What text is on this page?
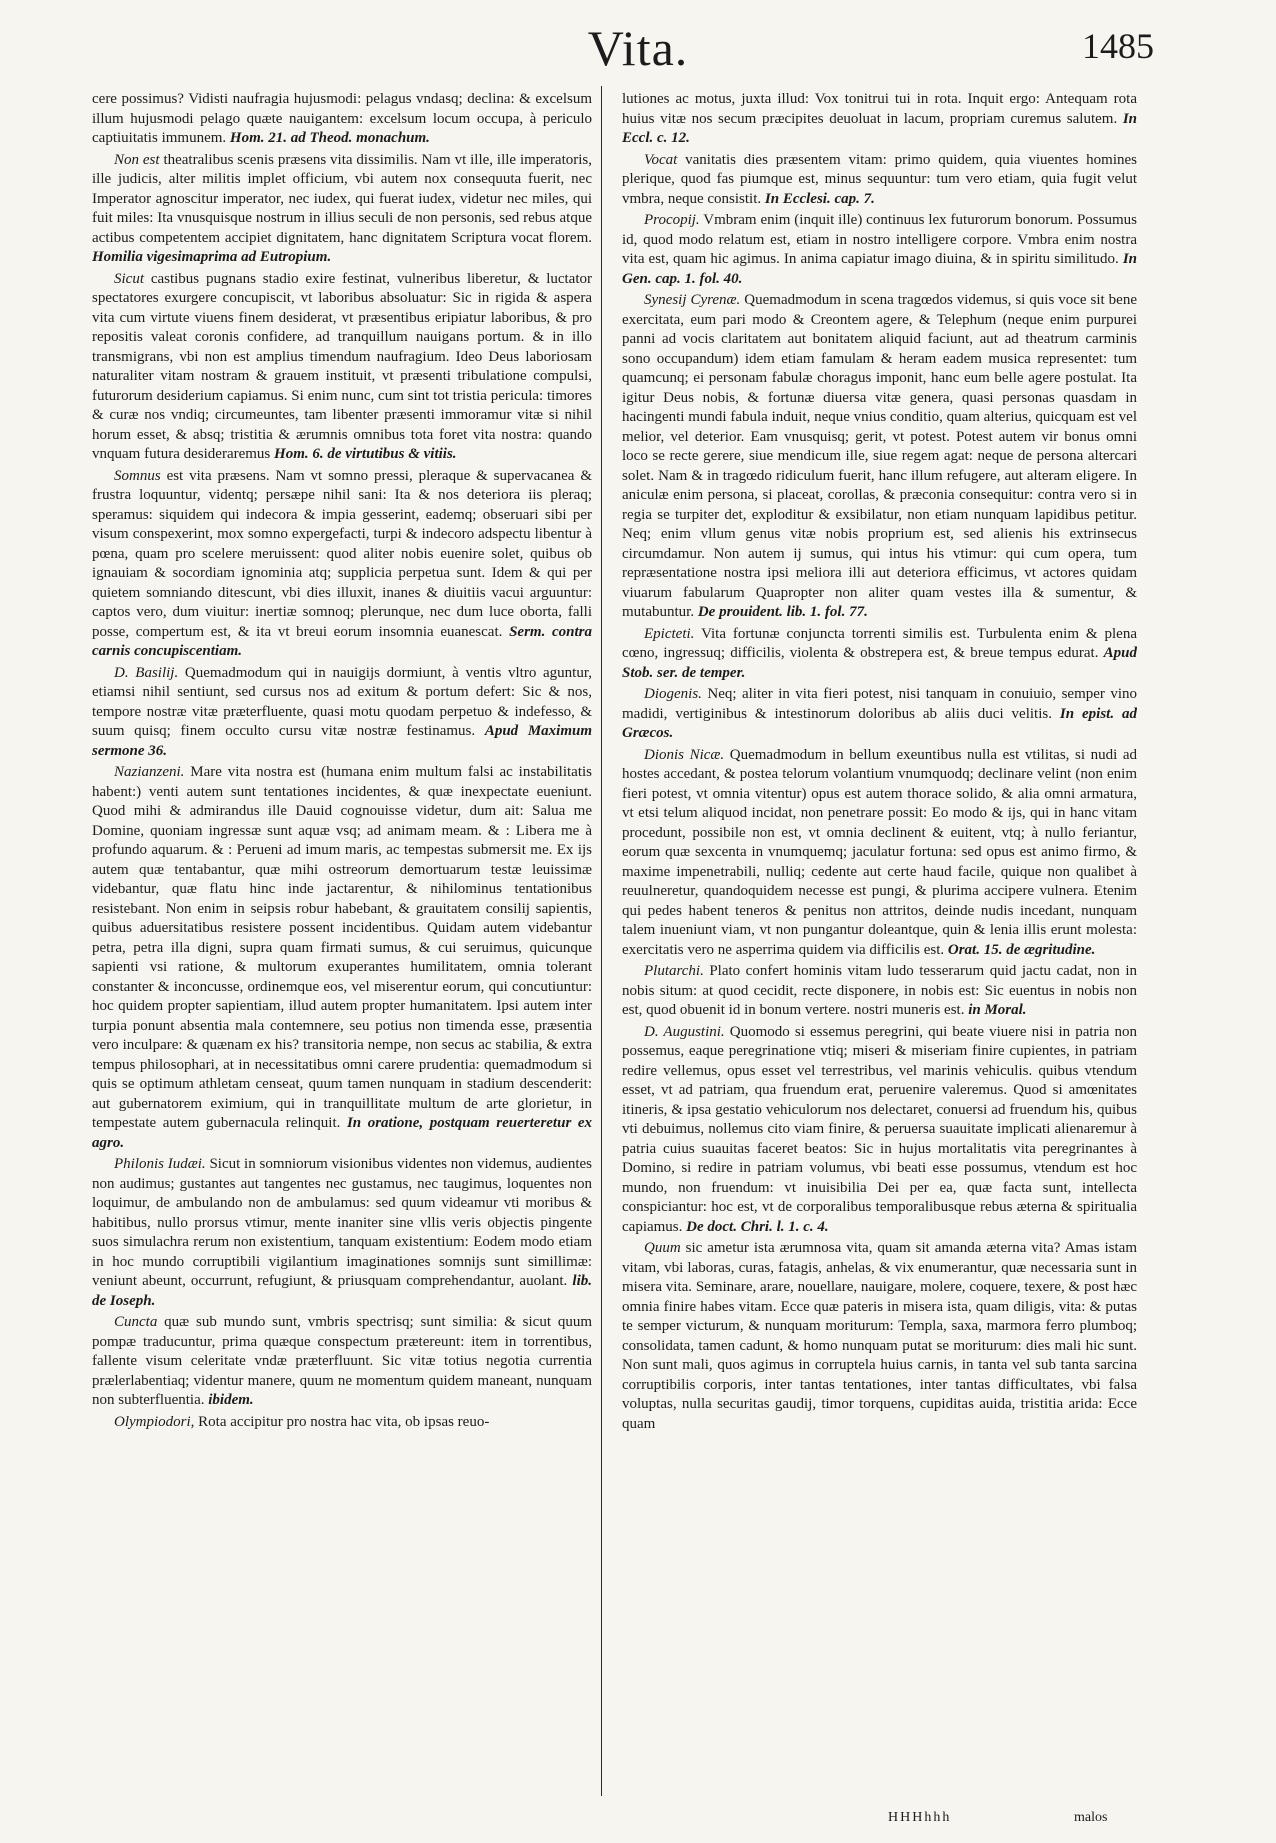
Vita.	1485

cere possimus? Vidisti naufragia hujusmodi: pelagus vndasq; declina: & excelsum illum hujusmodi pelago quæte nauigantem: excelsum locum occupa, à periculo captiuitatis immunem. Hom. 21. ad Theod. monachum.

Non est theatralibus scenis præsens vita dissimilis. Nam vt ille, ille imperatoris, ille judicis, alter militis implet officium, vbi autem nox consequuta fuerit, nec Imperator agnoscitur imperator, nec iudex, qui fuerat iudex, videtur nec miles, qui fuit miles: Ita vnusquisque nostrum in illius seculi de non personis, sed rebus atque actibus competentem accipiet dignitatem, hanc dignitatem Scriptura vocat florem. Homilia vigesimaprima ad Eutropium.

Sicut castibus pugnans stadio exire festinat, vulneribus liberetur, & luctator spectatores exurgere concupiscit, vt laboribus absoluatur: Sic in rigida & aspera vita cum virtute viuens finem desiderat, vt præsentibus eripiatur laboribus, & pro repositis valeat coronis confidere, ad tranquillum nauigans portum. & in illo transmigrans, vbi non est amplius timendum naufragium. Ideo Deus laboriosam naturaliter vitam nostram & grauem instituit, vt præsenti tribulatione compulsi, futurorum desiderium capiamus. Si enim nunc, cum sint tot tristia pericula: timores & curæ nos vndiq; circumeuntes, tam libenter præsenti immoramur vitæ si nihil horum esset, & absq; tristitia & ærumnis omnibus tota foret vita nostra: quando vnquam futura desideraremus Hom. 6. de virtutibus & vitiis.

Somnus est vita præsens. Nam vt somno pressi, pleraque & supervacanea & frustra loquuntur, videntq; persæpe nihil sani: Ita & nos deteriora iis pleraq; speramus: siquidem qui indecora & impia gesserint, eademq; obseruari sibi per visum conspexerint, mox somno expergefacti, turpi & indecoro adspectu libentur à pœna, quam pro scelere meruissent: quod aliter nobis euenire solet, quibus ob ignauiam & socordiam ignominia atq; supplicia perpetua sunt. Idem & qui per quietem somniando ditescunt, vbi dies illuxit, inanes & diuitiis vacui arguuntur: captos vero, dum viuitur: inertiæ somnoq; plerunque, nec dum luce oborta, falli posse, compertum est, & ita vt breui eorum insomnia euanescat. Serm. contra carnis concupiscentiam.

D. Basilij. Quemadmodum qui in nauigijs dormiunt, à ventis vltro aguntur, etiamsi nihil sentiunt, sed cursus nos ad exitum & portum defert: Sic & nos, tempore nostræ vitæ præterfluente, quasi motu quodam perpetuo & indefesso, & suum quisq; finem occulto cursu vitæ nostræ festinamus. Apud Maximum sermone 36.

Nazianzeni. Mare vita nostra est (humana enim multum falsi ac instabilitatis habent:) venti autem sunt tentationes incidentes, & quæ inexpectate eueniunt. Quod mihi & admirandus ille Dauid cognouisse videtur, dum ait: Salua me Domine, quoniam ingressæ sunt aquæ vsq; ad animam meam. & : Libera me à profundo aquarum. & : Perueni ad imum maris, ac tempestas submersit me. Ex ijs autem quæ tentabantur, quæ mihi ostreorum demortuarum testæ leuissimæ videbantur, quæ flatu hinc inde jactarentur, & nihilominus tentationibus resistebant. Non enim in seipsis robur habebant, & grauitatem consilij sapientis, quibus aduersitatibus resistere possent incidentibus. Quidam autem videbantur petra, petra illa digni, supra quam firmati sumus, & cui seruimus, quicunque sapienti vsi ratione, & multorum exuperantes humilitatem, omnia tolerant constanter & inconcusse, ordinemque eos, vel miserentur eorum, qui concutiuntur: hoc quidem propter sapientiam, illud autem propter humanitatem. Ipsi autem inter turpia ponunt absentia mala contemnere, seu potius non timenda esse, præsentia vero inculpare: & quænam ex his? transitoria nempe, non secus ac stabilia, & extra tempus philosophari, at in necessitatibus omni carere prudentia: quemadmodum si quis se optimum athletam censeat, quum tamen nunquam in stadium descenderit: aut gubernatorem eximium, qui in tranquillitate multum de arte glorietur, in tempestate autem gubernacula relinquit. In oratione, postquam reuerteretur ex agro.

Philonis Iudæi. Sicut in somniorum visionibus videntes non videmus, audientes non audimus; gustantes aut tangentes nec gustamus, nec taugimus, loquentes non loquimur, de ambulando non de ambulamus: sed quum videamur vti moribus & habitibus, nullo prorsus vtimur, mente inaniter sine vllis veris objectis pingente suos simulachra rerum non existentium, tanquam existentium: Eodem modo etiam in hoc mundo corruptibili vigilantium imaginationes somnijs sunt simillimæ: veniunt abeunt, occurrunt, refugiunt, & priusquam comprehendantur, auolant. lib. de Ioseph.

Cuncta quæ sub mundo sunt, vmbris spectrisq; sunt similia: & sicut quum pompæ traducuntur, prima quæque conspectum prætereunt: item in torrentibus, fallente visum celeritate vndæ præterfluunt. Sic vitæ totius negotia currentia prælerlabentiaq; videntur manere, quum ne momentum quidem maneant, nunquam non subterfluentia. ibidem.

Olympiodori, Rota accipitur pro nostra hac vita, ob ipsas reuo-

lutiones ac motus, juxta illud: Vox tonitrui tui in rota. Inquit ergo: Antequam rota huius vitæ nos secum præcipites deuoluat in lacum, propriam curemus salutem. In Eccl. c. 12.

Vocat vanitatis dies præsentem vitam: primo quidem, quia viuentes homines plerique, quod fas piumque est, minus sequuntur: tum vero etiam, quia fugit velut vmbra, neque consistit. In Ecclesi. cap. 7.

Procopij. Vmbram enim (inquit ille) continuus lex futurorum bonorum. Possumus id, quod modo relatum est, etiam in nostro intelligere corpore. Vmbra enim nostra vita est, quam hic agimus. In anima capiatur imago diuina, & in spiritu similitudo. In Gen. cap. 1. fol. 40.

Synesij Cyrenæ. Quemadmodum in scena tragœdos videmus, si quis voce sit bene exercitata, eum pari modo & Creontem agere, & Telephum (neque enim purpurei panni ad vocis claritatem aut bonitatem aliquid faciunt, aut ad theatrum carminis sono occupandum) idem etiam famulam & heram eadem musica representet: tum quamcunq; ei personam fabulæ choragus imponit, hanc eum belle agere postulat. Ita igitur Deus nobis, & fortunæ diuersa vitæ genera, quasi personas quasdam in hacingenti mundi fabula induit, neque vnius conditio, quam alterius, quicquam est vel melior, vel deterior. Eam vnusquisq; gerit, vt potest. Potest autem vir bonus omni loco se recte gerere, siue mendicum ille, siue regem agat: neque de persona altercari solet. Nam & in tragœdo ridiculum fuerit, hanc illum refugere, aut alteram eligere. In aniculæ enim persona, si placeat, corollas, & præconia consequitur: contra vero si in regia se turpiter det, exploditur & exsibilatur, non etiam nunquam lapidibus petitur. Neq; enim vllum genus vitæ nobis proprium est, sed alienis his extrinsecus circumdamur. Non autem ij sumus, qui intus his vtimur: qui cum opera, tum repræsentatione nostra ipsi meliora illi aut deteriora efficimus, vt actores quidam viuarum fabularum Quapropter non aliter quam vestes illa & sumentur, & mutabuntur. De prouident. lib. 1. fol. 77.

Epicteti. Vita fortunæ conjuncta torrenti similis est. Turbulenta enim & plena cœno, ingressuq; difficilis, violenta & obstrepera est, & breue tempus edurat. Apud Stob. ser. de temper.

Diogenis. Neq; aliter in vita fieri potest, nisi tanquam in conuiuio, semper vino madidi, vertiginibus & intestinorum doloribus ab aliis duci velitis. In epist. ad Græcos.

Dionis Nicæ. Quemadmodum in bellum exeuntibus nulla est vtilitas, si nudi ad hostes accedant, & postea telorum volantium vnumquodq; declinare velint (non enim fieri potest, vt omnia vitentur) opus est autem thorace solido, & alia omni armatura, vt etsi telum aliquod incidat, non penetrare possit: Eo modo & ijs, qui in hanc vitam procedunt, possibile non est, vt omnia declinent & euitent, vtq; à nullo feriantur, eorum quæ sexcenta in vnumquemq; jaculatur fortuna: sed opus est animo firmo, & maxime impenetrabili, nulliq; cedente aut certe haud facile, quique non qualibet à reuulneretur, quandoquidem necesse est pungi, & plurima accipere vulnera. Etenim qui pedes habent teneros & penitus non attritos, deinde nudis incedant, nunquam talem inueniunt viam, vt non pungantur doleantque, quin & lenia illis erunt molesta: exercitatis vero ne asperrima quidem via difficilis est. Orat. 15. de ægritudine.

Plutarchi. Plato confert hominis vitam ludo tesserarum quid jactu cadat, non in nobis situm: at quod cecidit, recte disponere, in nobis est: Sic euentus in nobis non est, quod obuenit id in bonum vertere. nostri muneris est. in Moral.

D. Augustini. Quomodo si essemus peregrini, qui beate viuere nisi in patria non possemus, eaque peregrinatione vtiq; miseri & miseriam finire cupientes, in patriam redire vellemus, opus esset vel terrestribus, vel marinis vehiculis. quibus vtendum esset, vt ad patriam, qua fruendum erat, peruenire valeremus. Quod si amœnitates itineris, & ipsa gestatio vehiculorum nos delectaret, conuersi ad fruendum his, quibus vti debuimus, nollemus cito viam finire, & peruersa suauitate implicati alienaremur à patria cuius suauitas faceret beatos: Sic in hujus mortalitatis vita peregrinantes à Domino, si redire in patriam volumus, vbi beati esse possumus, vtendum est hoc mundo, non fruendum: vt inuisibilia Dei per ea, quæ facta sunt, intellecta conspiciantur: hoc est, vt de corporalibus temporalibusque rebus æterna & spiritualia capiamus. De doct. Chri. l. 1. c. 4.

Quum sic ametur ista ærumnosa vita, quam sit amanda æterna vita? Amas istam vitam, vbi laboras, curas, fatagis, anhelas, & vix enumerantur, quæ necessaria sunt in misera vita. Seminare, arare, nouellare, nauigare, molere, coquere, texere, & post hæc omnia finire habes vitam. Ecce quæ pateris in misera ista, quam diligis, vita: & putas te semper victurum, & nunquam moriturum: Templa, saxa, marmora ferro plumboq; consolidata, tamen cadunt, & homo nunquam putat se moriturum: dies mali hic sunt. Non sunt mali, quos agimus in corruptela huius carnis, in tanta vel sub tanta sarcina corruptibilis corporis, inter tantas tentationes, inter tantas difficultates, vbi falsa voluptas, nulla securitas gaudij, timor torquens, cupiditas auida, tristitia arida: Ecce quam

HHHhhh	malos
